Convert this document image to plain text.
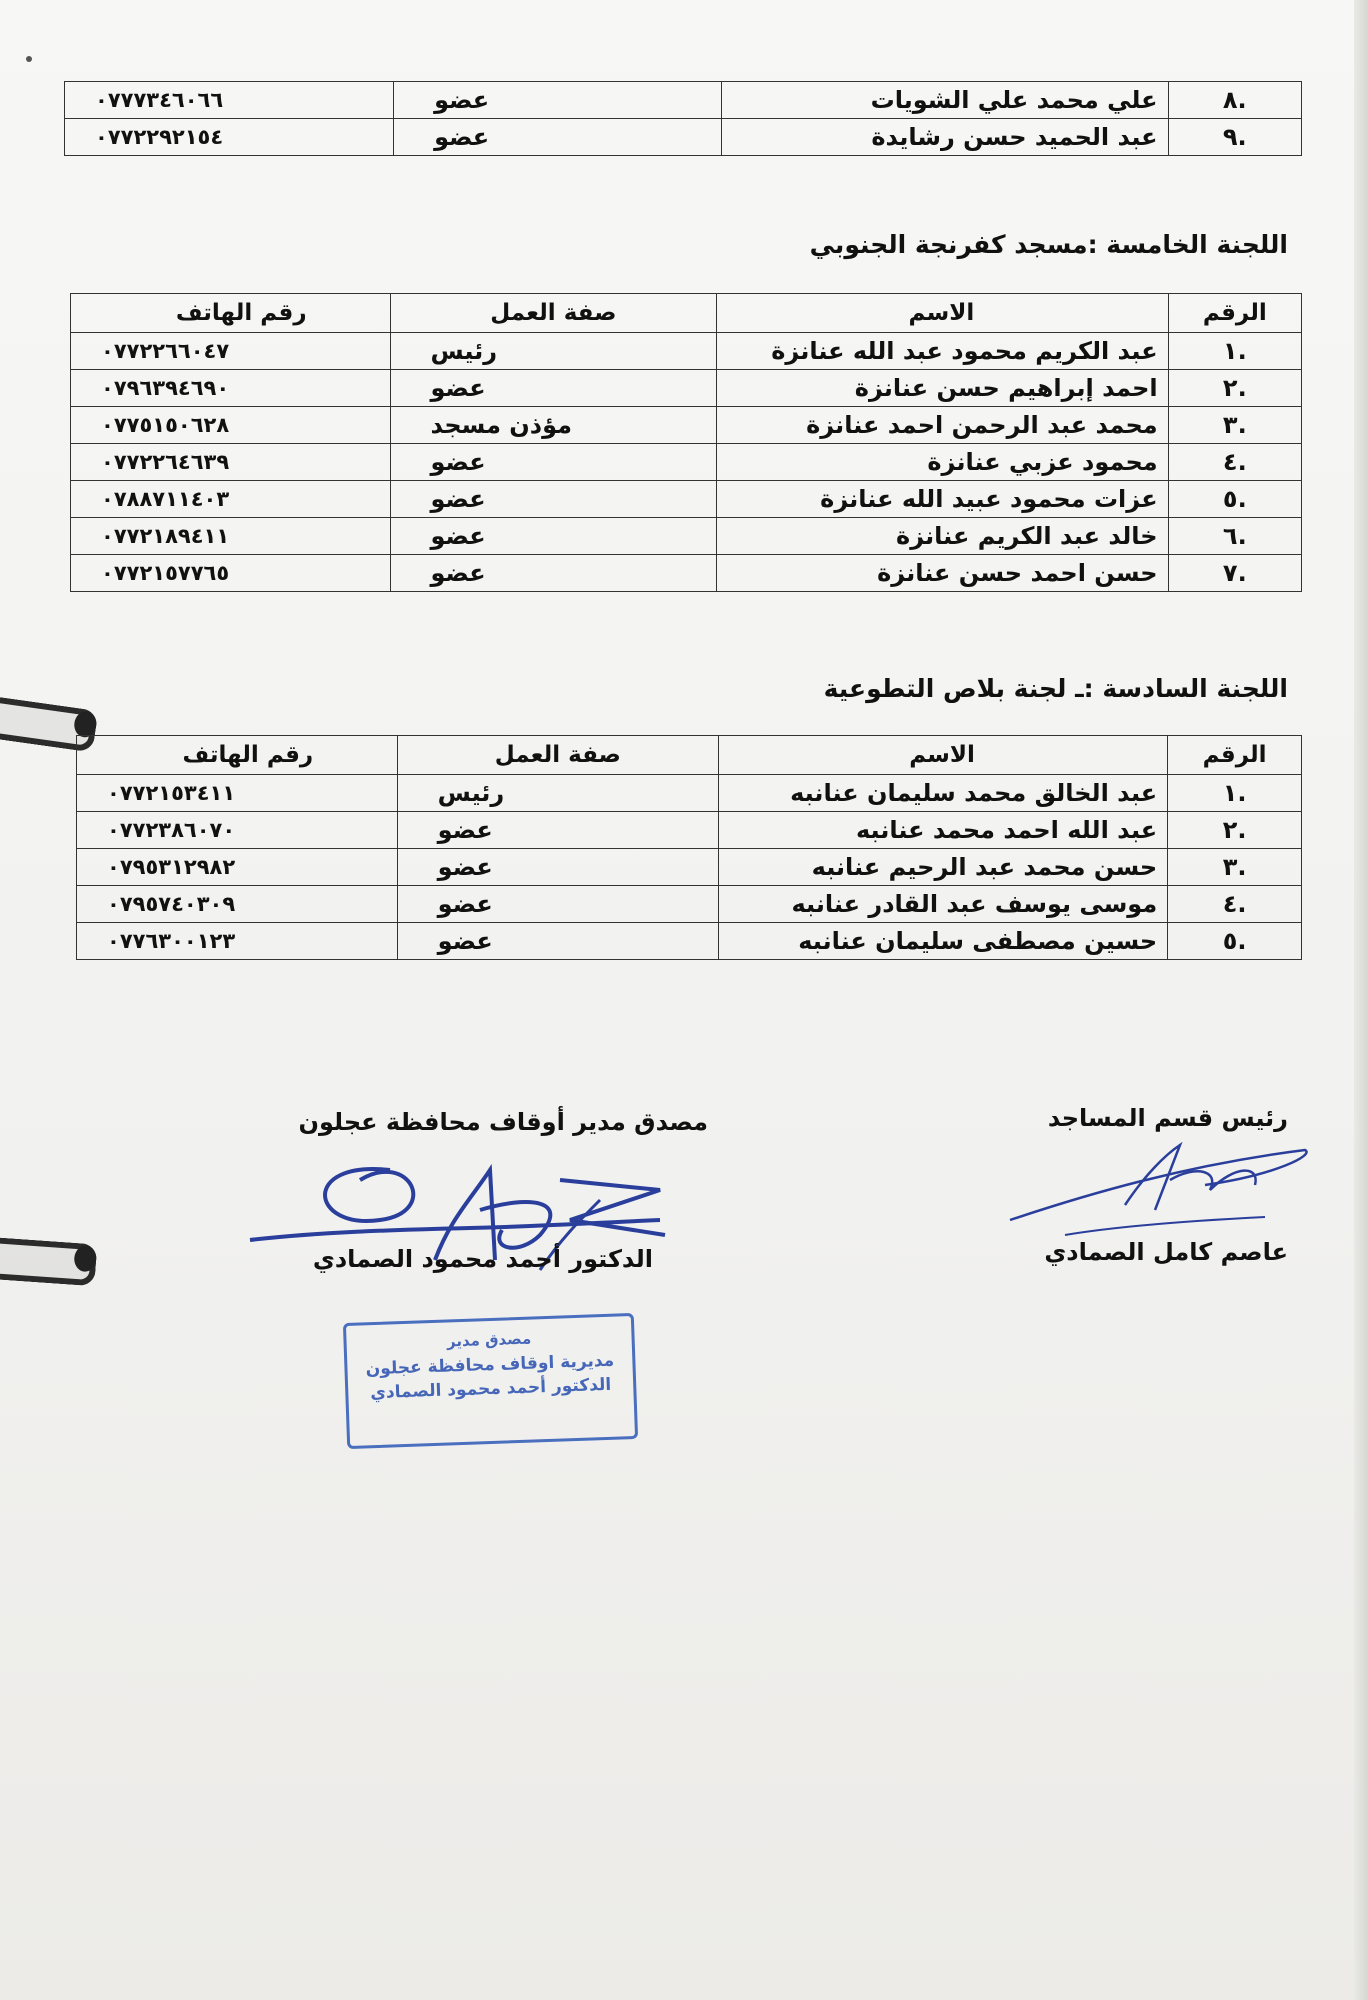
.٨	علي محمد علي الشويات	عضو	٠٧٧٧٣٤٦٠٦٦
.٩	عبد الحميد حسن رشايدة	عضو	٠٧٧٢٢٩٢١٥٤
اللجنة الخامسة :مسجد كفرنجة الجنوبي
الرقم	الاسم	صفة العمل	رقم الهاتف
.١	عبد الكريم محمود عبد الله عنانزة	رئيس	٠٧٧٢٢٦٦٠٤٧
.٢	احمد إبراهيم حسن عنانزة	عضو	٠٧٩٦٣٩٤٦٩٠
.٣	محمد عبد الرحمن احمد عنانزة	مؤذن مسجد	٠٧٧٥١٥٠٦٢٨
.٤	محمود عزبي عنانزة	عضو	٠٧٧٢٢٦٤٦٣٩
.٥	عزات محمود عبيد الله عنانزة	عضو	٠٧٨٨٧١١٤٠٣
.٦	خالد عبد الكريم عنانزة	عضو	٠٧٧٢١٨٩٤١١
.٧	حسن احمد حسن عنانزة	عضو	٠٧٧٢١٥٧٧٦٥
اللجنة السادسة :ـ لجنة بلاص التطوعية
الرقم	الاسم	صفة العمل	رقم الهاتف
.١	عبد الخالق محمد سليمان عنانبه	رئيس	٠٧٧٢١٥٣٤١١
.٢	عبد الله احمد محمد عنانبه	عضو	٠٧٧٢٣٨٦٠٧٠
.٣	حسن محمد عبد الرحيم عنانبه	عضو	٠٧٩٥٣١٢٩٨٢
.٤	موسى يوسف عبد القادر عنانبه	عضو	٠٧٩٥٧٤٠٣٠٩
.٥	حسين مصطفى سليمان عنانبه	عضو	٠٧٧٦٣٠٠١٢٣
مصدق مدير أوقاف محافظة عجلون
الدكتور أحمد محمود الصمادي
رئيس قسم المساجد
عاصم كامل الصمادي
مصدق مدير
مديرية اوقاف محافظة عجلون
الدكتور أحمد محمود الصمادي
